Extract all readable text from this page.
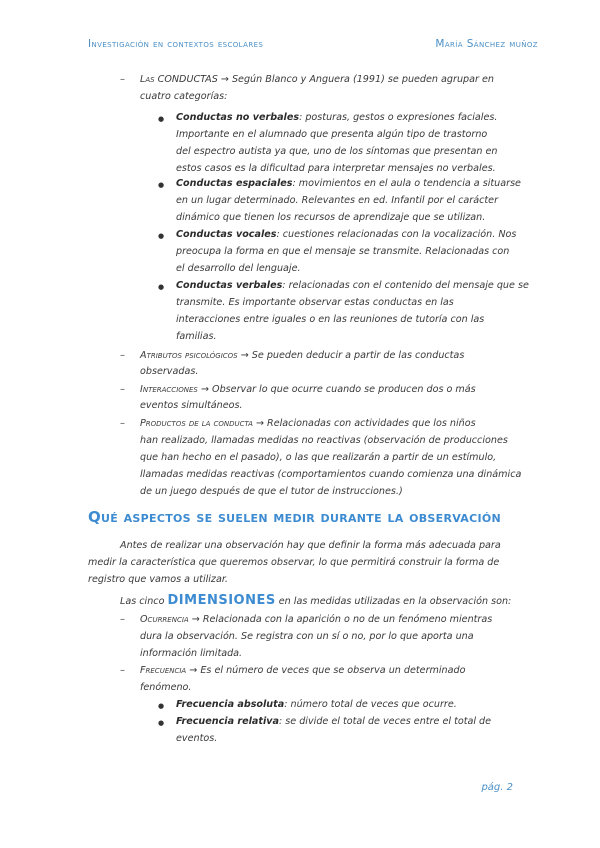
Investigación en contextos escolares	María Sánchez muñoz
– Las CONDUCTAS → Según Blanco y Anguera (1991) se pueden agrupar en
cuatro categorías:
● Conductas no verbales: posturas, gestos o expresiones faciales.
Importante en el alumnado que presenta algún tipo de trastorno
del espectro autista ya que, uno de los síntomas que presentan en
estos casos es la dificultad para interpretar mensajes no verbales.
● Conductas espaciales: movimientos en el aula o tendencia a situarse
en un lugar determinado. Relevantes en ed. Infantil por el carácter
dinámico que tienen los recursos de aprendizaje que se utilizan.
● Conductas vocales: cuestiones relacionadas con la vocalización. Nos
preocupa la forma en que el mensaje se transmite. Relacionadas con
el desarrollo del lenguaje.
● Conductas verbales: relacionadas con el contenido del mensaje que se
transmite. Es importante observar estas conductas en las
interacciones entre iguales o en las reuniones de tutoría con las
familias.
– Atributos psicológicos → Se pueden deducir a partir de las conductas
observadas.
– Interacciones → Observar lo que ocurre cuando se producen dos o más
eventos simultáneos.
– Productos de la conducta → Relacionadas con actividades que los niños
han realizado, llamadas medidas no reactivas (observación de producciones
que han hecho en el pasado), o las que realizarán a partir de un estímulo,
llamadas medidas reactivas (comportamientos cuando comienza una dinámica
de un juego después de que el tutor de instrucciones.)
Qué aspectos se suelen medir durante la observación
Antes de realizar una observación hay que definir la forma más adecuada para
medir la característica que queremos observar, lo que permitirá construir la forma de
registro que vamos a utilizar.
Las cinco DIMENSIONES en las medidas utilizadas en la observación son:
– Ocurrencia → Relacionada con la aparición o no de un fenómeno mientras
dura la observación. Se registra con un sí o no, por lo que aporta una
información limitada.
– Frecuencia → Es el número de veces que se observa un determinado
fenómeno.
● Frecuencia absoluta: número total de veces que ocurre.
● Frecuencia relativa: se divide el total de veces entre el total de
eventos.
pág. 2
